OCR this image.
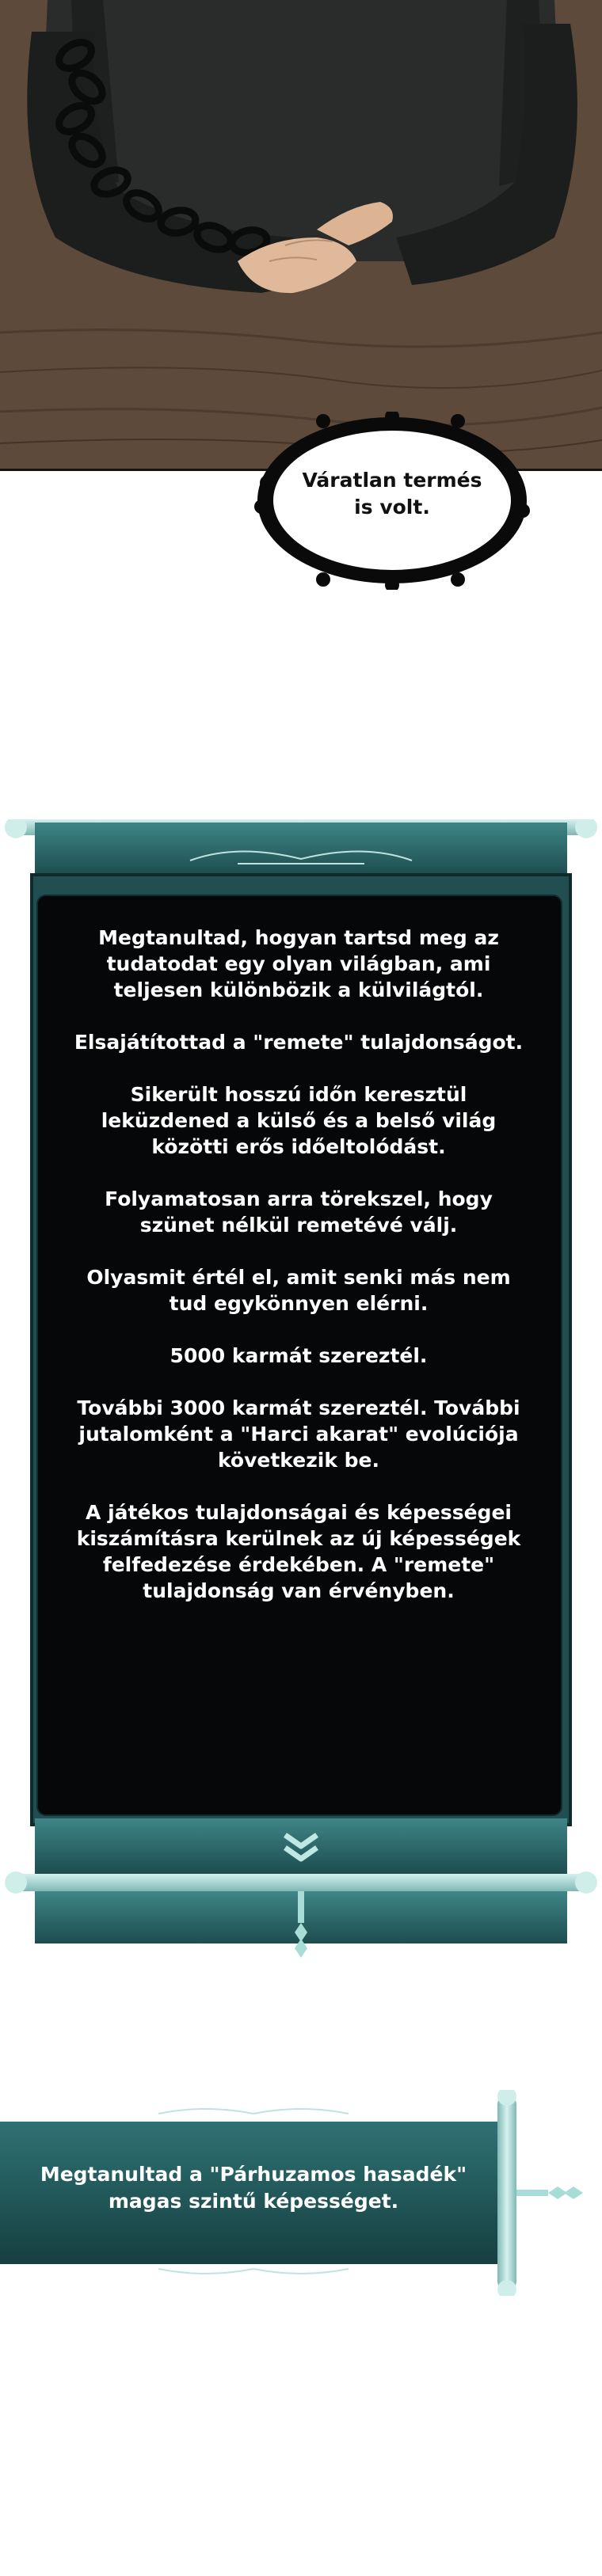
Váratlan termés
is volt.

Megtanultad, hogyan tartsd meg az
tudatodat egy olyan világban, ami
teljesen különbözik a külvilágtól.

Elsajátítottad a "remete" tulajdonságot.

Sikerült hosszú időn keresztül
leküzdened a külső és a belső világ
közötti erős időeltolódást.

Folyamatosan arra törekszel, hogy
szünet nélkül remetévé válj.

Olyasmit értél el, amit senki más nem
tud egykönnyen elérni.

5000 karmát szereztél.

További 3000 karmát szereztél. További
jutalomként a "Harci akarat" evolúciója
következik be.

A játékos tulajdonságai és képességei
kiszámításra kerülnek az új képességek
felfedezése érdekében. A "remete"
tulajdonság van érvényben.

Megtanultad a "Párhuzamos hasadék"
magas szintű képességet.
